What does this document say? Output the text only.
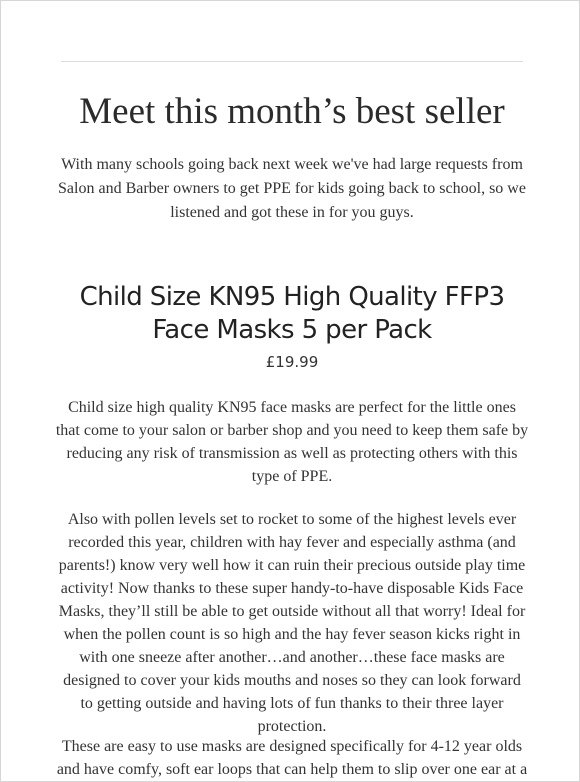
Meet this month’s best seller

With many schools going back next week we've had large requests from Salon and Barber owners to get PPE for kids going back to school, so we listened and got these in for you guys.

Child Size KN95 High Quality FFP3 Face Masks 5 per Pack
£19.99

Child size high quality KN95 face masks are perfect for the little ones that come to your salon or barber shop and you need to keep them safe by reducing any risk of transmission as well as protecting others with this type of PPE.

Also with pollen levels set to rocket to some of the highest levels ever recorded this year, children with hay fever and especially asthma (and parents!) know very well how it can ruin their precious outside play time activity! Now thanks to these super handy-to-have disposable Kids Face Masks, they’ll still be able to get outside without all that worry! Ideal for when the pollen count is so high and the hay fever season kicks right in with one sneeze after another…and another…these face masks are designed to cover your kids mouths and noses so they can look forward to getting outside and having lots of fun thanks to their three layer protection.

These are easy to use masks are designed specifically for 4-12 year olds and have comfy, soft ear loops that can help them to slip over one ear at a
